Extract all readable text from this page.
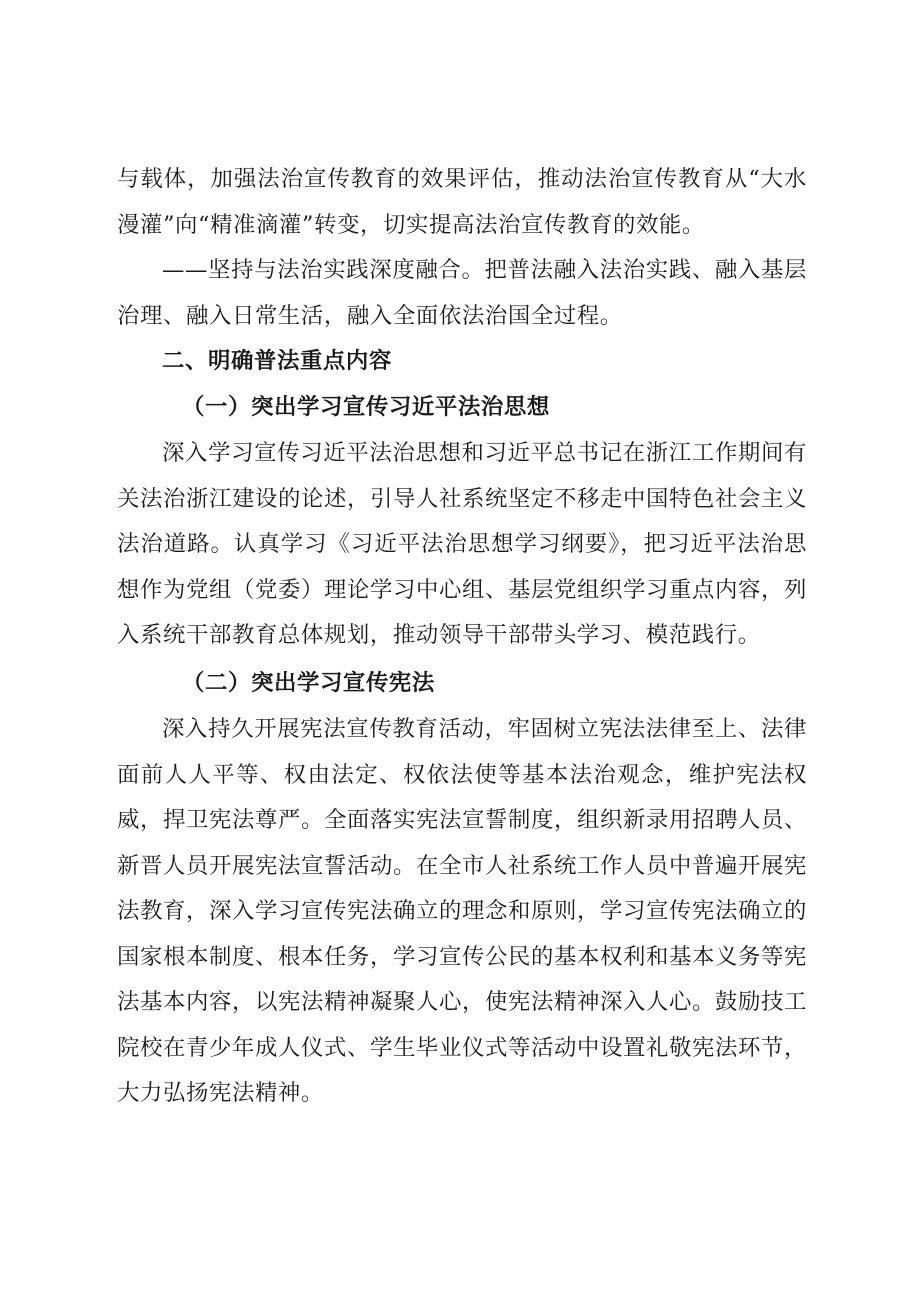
与载体，加强法治宣传教育的效果评估，推动法治宣传教育从“大水漫灌”向“精准滴灌”转变，切实提高法治宣传教育的效能。

——坚持与法治实践深度融合。把普法融入法治实践、融入基层治理、融入日常生活，融入全面依法治国全过程。

二、明确普法重点内容
（一）突出学习宣传习近平法治思想

深入学习宣传习近平法治思想和习近平总书记在浙江工作期间有关法治浙江建设的论述，引导人社系统坚定不移走中国特色社会主义法治道路。认真学习《习近平法治思想学习纲要》，把习近平法治思想作为党组（党委）理论学习中心组、基层党组织学习重点内容，列入系统干部教育总体规划，推动领导干部带头学习、模范践行。

（二）突出学习宣传宪法

深入持久开展宪法宣传教育活动，牢固树立宪法法律至上、法律面前人人平等、权由法定、权依法使等基本法治观念，维护宪法权威，捍卫宪法尊严。全面落实宪法宣誓制度，组织新录用招聘人员、新晋人员开展宪法宣誓活动。在全市人社系统工作人员中普遍开展宪法教育，深入学习宣传宪法确立的理念和原则，学习宣传宪法确立的国家根本制度、根本任务，学习宣传公民的基本权利和基本义务等宪法基本内容，以宪法精神凝聚人心，使宪法精神深入人心。鼓励技工院校在青少年成人仪式、学生毕业仪式等活动中设置礼敬宪法环节，大力弘扬宪法精神。
